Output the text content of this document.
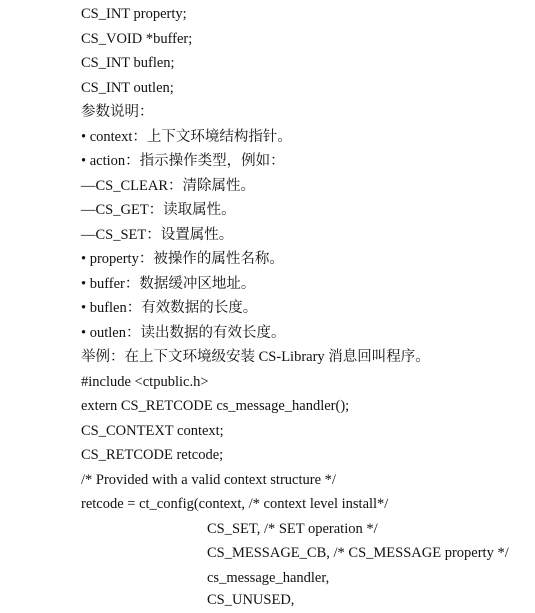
CS_INT property;
CS_VOID *buffer;
CS_INT buflen;
CS_INT outlen;
参数说明：
• context：上下文环境结构指针。
• action：指示操作类型，例如：
—CS_CLEAR：清除属性。
—CS_GET：读取属性。
—CS_SET：设置属性。
• property：被操作的属性名称。
• buffer：数据缓冲区地址。
• buflen：有效数据的长度。
• outlen：读出数据的有效长度。
举例：在上下文环境级安装 CS-Library 消息回叫程序。
#include <ctpublic.h>
extern CS_RETCODE cs_message_handler();
CS_CONTEXT context;
CS_RETCODE retcode;
/* Provided with a valid context structure */
retcode = ct_config(context, /* context level install*/
CS_SET, /* SET operation */
CS_MESSAGE_CB, /* CS_MESSAGE property */
cs_message_handler,
CS_UNUSED,
